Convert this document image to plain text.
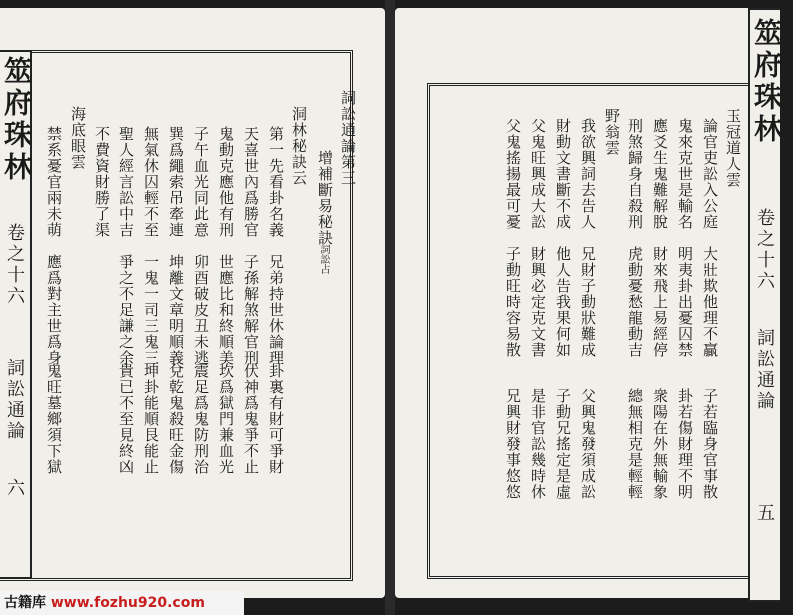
筮府珠林
卷之十六
詞訟通論
六
詞訟通論第三
增補斷易秘訣
詞訟占
洞林秘訣云
第一先看卦名義　兄弟持世休論理
天喜世內爲勝官　子孫解煞解官刑
鬼動克應他有刑　世應比和終順美
子午血光同此意　卯酉破皮丑未逃
巽爲繩索吊牽連　坤離文章明順義
無氣休囚輕不至　一鬼一司三鬼三
聖人經言訟中吉　爭之不足謙之余
不費資財勝了渠
海底眼雲
禁系憂官兩未萌　應爲對主世爲身
卦裏有財可爭財
伏神爲鬼爭不止
坎爲獄門兼血光
震足爲鬼防刑治
兌乾鬼殺旺金傷
坤卦能順艮能止
貴已不至見終凶
鬼旺墓鄉須下獄
筮府珠林
卷之十六
詞訟通論
五
玉冠道人雲
論官吏訟入公庭　大壯欺他理不贏
鬼來克世是輸名　明夷卦出憂囚禁
應爻生鬼難解脫　財來飛上易經停
刑煞歸身自殺刑　虎動憂愁龍動吉
野翁雲
我欲興詞去告人　兄財子動狀難成
財動文書斷不成　他人告我果何如
父鬼旺興成大訟　財興必定克文書
父鬼搖揚最可憂　子動旺時容易散
子若臨身官事散
卦若傷財理不明
衆陽在外無輸象
總無相克是輕輕
父興鬼發須成訟
子動兄搖定是虛
是非官訟幾時休
兄興財發事悠悠
古籍库 www.fozhu920.com
